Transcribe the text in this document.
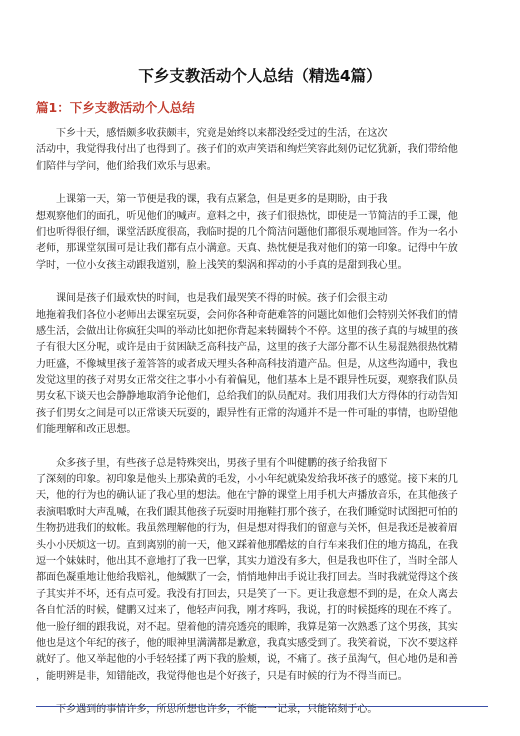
下乡支教活动个人总结（精选4篇）
篇1：下乡支教活动个人总结
下乡十天，感悟颇多收获颇丰，究竟是始终以来都没经受过的生活，在这次
活动中，我觉得我付出了也得到了。孩子们的欢声笑语和绚烂笑容此刻仍记忆犹新，我们带给他
们陪伴与学问，他们给我们欢乐与思索。
上课第一天，第一节便是我的课，我有点紧急，但是更多的是期盼，由于我
想观察他们的面孔，听见他们的喊声。意料之中，孩子们很热忱，即使是一节简洁的手工课，他
们也听得很仔细，课堂活跃度很高，我临时提的几个简洁问题他们都很乐观地回答。作为一名小
老师，那课堂氛围可是让我们都有点小满意。天真、热忱便是我对他们的第一印象。记得中午放
学时，一位小女孩主动跟我道别，脸上浅笑的梨涡和挥动的小手真的是甜到我心里。
课间是孩子们最欢快的时间，也是我们最哭笑不得的时候。孩子们会很主动
地拖着我们各位小老师出去课室玩耍，会问你各种奇葩难答的问题比如他们会特别关怀我们的情
感生活，会做出让你疯狂尖叫的举动比如把你背起来转圈转个不停。这里的孩子真的与城里的孩
子有很大区分呢，或许是由于贫困缺乏高科技产品，这里的孩子大部分都不认生易混熟很热忱精
力旺盛，不像城里孩子羞答答的或者成天埋头各种高科技消遣产品。但是，从这些沟通中，我也
发觉这里的孩子对男女正常交往之事小小有着偏见，他们基本上是不跟异性玩耍，观察我们队员
男女私下谈天也会静静地取消争论他们，总给我们的队员配对。我们用我们大方得体的行动告知
孩子们男女之间是可以正常谈天玩耍的，跟异性有正常的沟通并不是一件可耻的事情，也盼望他
们能理解和改正思想。
众多孩子里，有些孩子总是特殊突出，男孩子里有个叫健鹏的孩子给我留下
了深刻的印象。初印象是他头上那染黄的毛发，小小年纪就染发给我坏孩子的感觉。接下来的几
天，他的行为也的确认证了我心里的想法。他在宁静的课堂上用手机大声播放音乐，在其他孩子
表演唱歌时大声乱喊，在我们跟其他孩子玩耍时用拖鞋打那个孩子，在我们睡觉时试图把可怕的
生物扔进我们的蚊帐。我虽然理解他的行为，但是想对得我们的留意与关怀，但是我还是被着眉
头小小厌烦这一切。直到离别的前一天，他又踩着他那酷炫的自行车来我们住的地方捣乱，在我
逗一个妹妹时，他出其不意地打了我一巴掌，其实力道没有多大，但是我也吓住了，当时全部人
都面色凝重地让他给我赔礼，他缄默了一会，悄悄地伸出手说让我打回去。当时我就觉得这个孩
子其实并不坏，还有点可爱。我没有打回去，只是笑了一下。更让我意想不到的是，在众人离去
各自忙活的时候，健鹏又过来了，他轻声问我，刚才疼吗，我说，打的时候挺疼的现在不疼了。
他一脸仔细的跟我说，对不起。望着他的清亮透亮的眼眸，我算是第一次熟悉了这个男孩，其实
他也是这个年纪的孩子，他的眼神里满满都是歉意，我真实感受到了。我笑着说，下次不要这样
就好了。他又举起他的小手轻轻揉了两下我的脸颊，说，不痛了。孩子虽淘气，但心地仍是和善
，能明辨是非，知错能改，我觉得他也是个好孩子，只是有时候的行为不得当而已。
下乡遇到的事情许多，所思所想也许多，不能一一记录，只能铭刻于心。
